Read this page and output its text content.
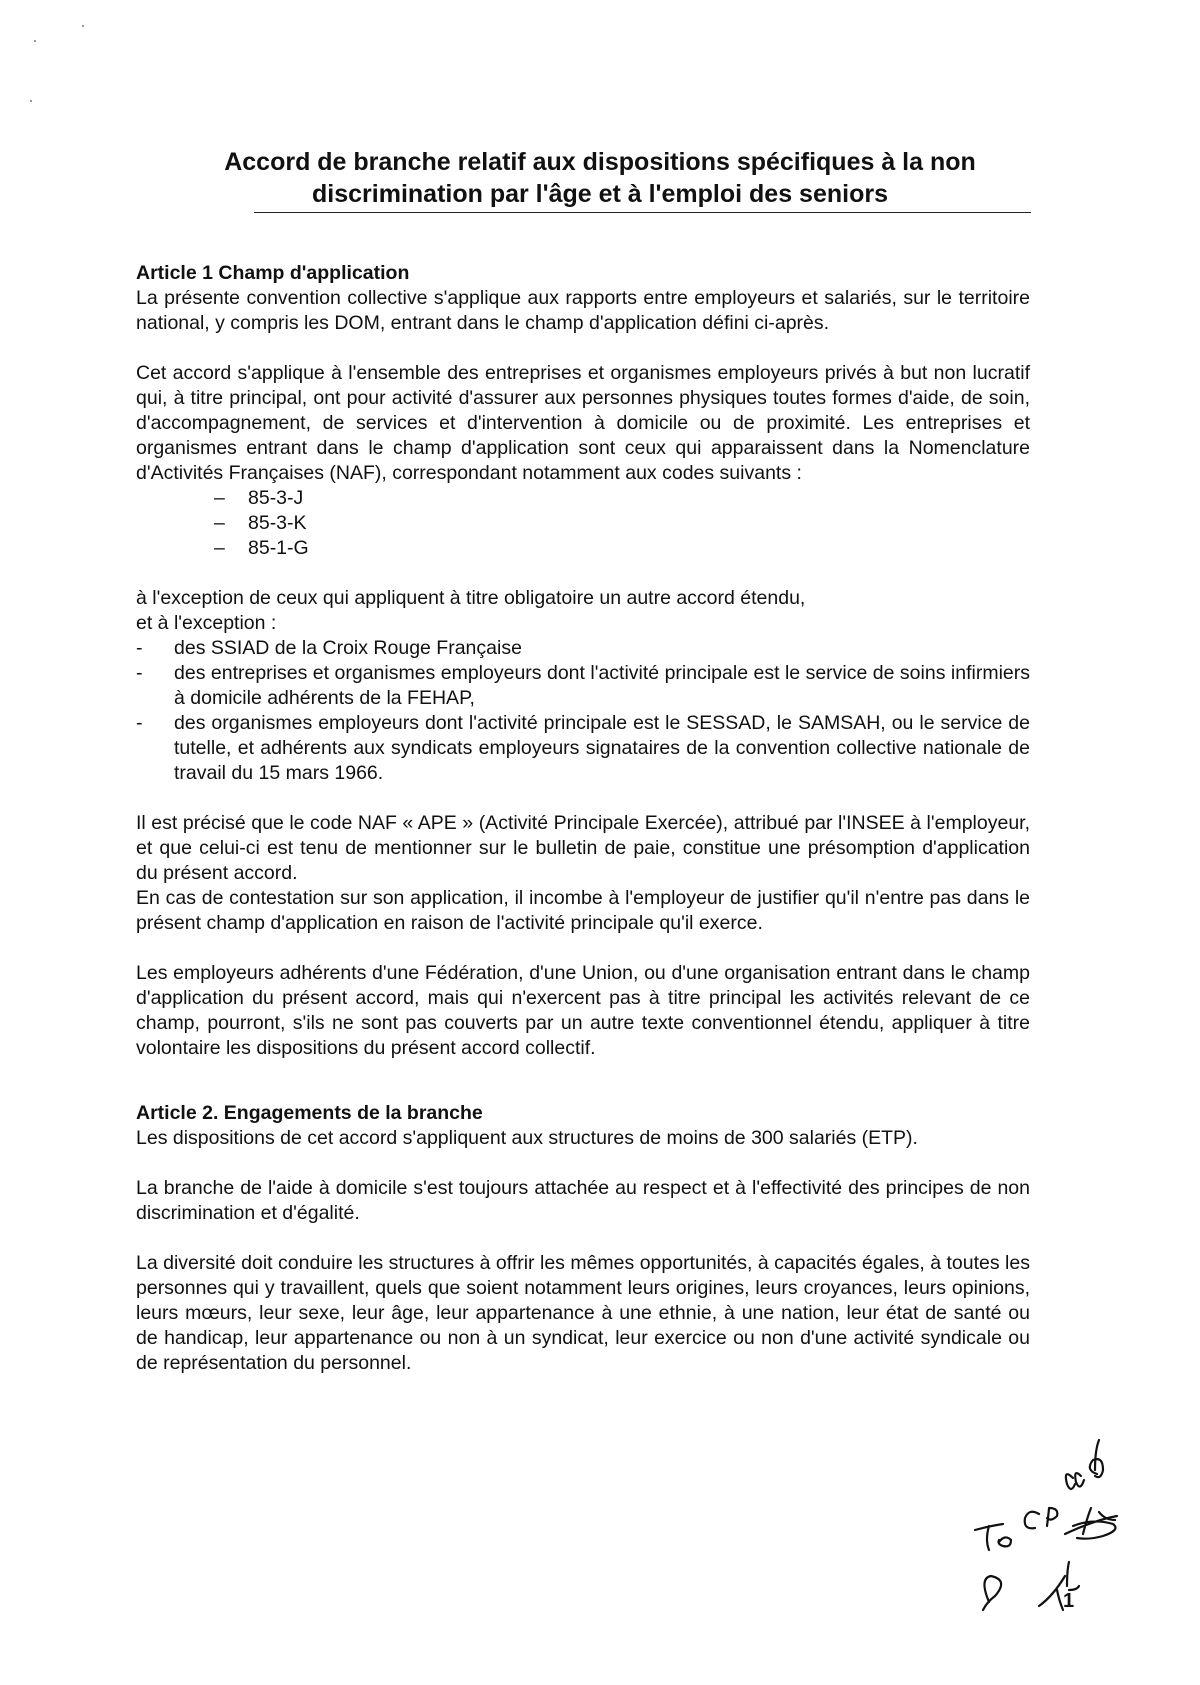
Accord de branche relatif aux dispositions spécifiques à la non
discrimination par l'âge et à l'emploi des seniors

Article 1 Champ d'application

La présente convention collective s'applique aux rapports entre employeurs et salariés, sur le territoire national, y compris les DOM, entrant dans le champ d'application défini ci-après.

Cet accord s'applique à l'ensemble des entreprises et organismes employeurs privés à but non lucratif qui, à titre principal, ont pour activité d'assurer aux personnes physiques toutes formes d'aide, de soin, d'accompagnement, de services et d'intervention à domicile ou de proximité. Les entreprises et organismes entrant dans le champ d'application sont ceux qui apparaissent dans la Nomenclature d'Activités Françaises (NAF), correspondant notamment aux codes suivants :

– 85-3-J
– 85-3-K
– 85-1-G

à l'exception de ceux qui appliquent à titre obligatoire un autre accord étendu,

et à l'exception :

- des SSIAD de la Croix Rouge Française
- des entreprises et organismes employeurs dont l'activité principale est le service de soins infirmiers à domicile adhérents de la FEHAP,
- des organismes employeurs dont l'activité principale est le SESSAD, le SAMSAH, ou le service de tutelle, et adhérents aux syndicats employeurs signataires de la convention collective nationale de travail du 15 mars 1966.

Il est précisé que le code NAF « APE » (Activité Principale Exercée), attribué par l'INSEE à l'employeur, et que celui-ci est tenu de mentionner sur le bulletin de paie, constitue une présomption d'application du présent accord.

En cas de contestation sur son application, il incombe à l'employeur de justifier qu'il n'entre pas dans le présent champ d'application en raison de l'activité principale qu'il exerce.

Les employeurs adhérents d'une Fédération, d'une Union, ou d'une organisation entrant dans le champ d'application du présent accord, mais qui n'exercent pas à titre principal les activités relevant de ce champ, pourront, s'ils ne sont pas couverts par un autre texte conventionnel étendu, appliquer à titre volontaire les dispositions du présent accord collectif.

Article 2. Engagements de la branche

Les dispositions de cet accord s'appliquent aux structures de moins de 300 salariés (ETP).

La branche de l'aide à domicile s'est toujours attachée au respect et à l'effectivité des principes de non discrimination et d'égalité.

La diversité doit conduire les structures à offrir les mêmes opportunités, à capacités égales, à toutes les personnes qui y travaillent, quels que soient notamment leurs origines, leurs croyances, leurs opinions, leurs mœurs, leur sexe, leur âge, leur appartenance à une ethnie, à une nation, leur état de santé ou de handicap, leur appartenance ou non à un syndicat, leur exercice ou non d'une activité syndicale ou de représentation du personnel.

1
